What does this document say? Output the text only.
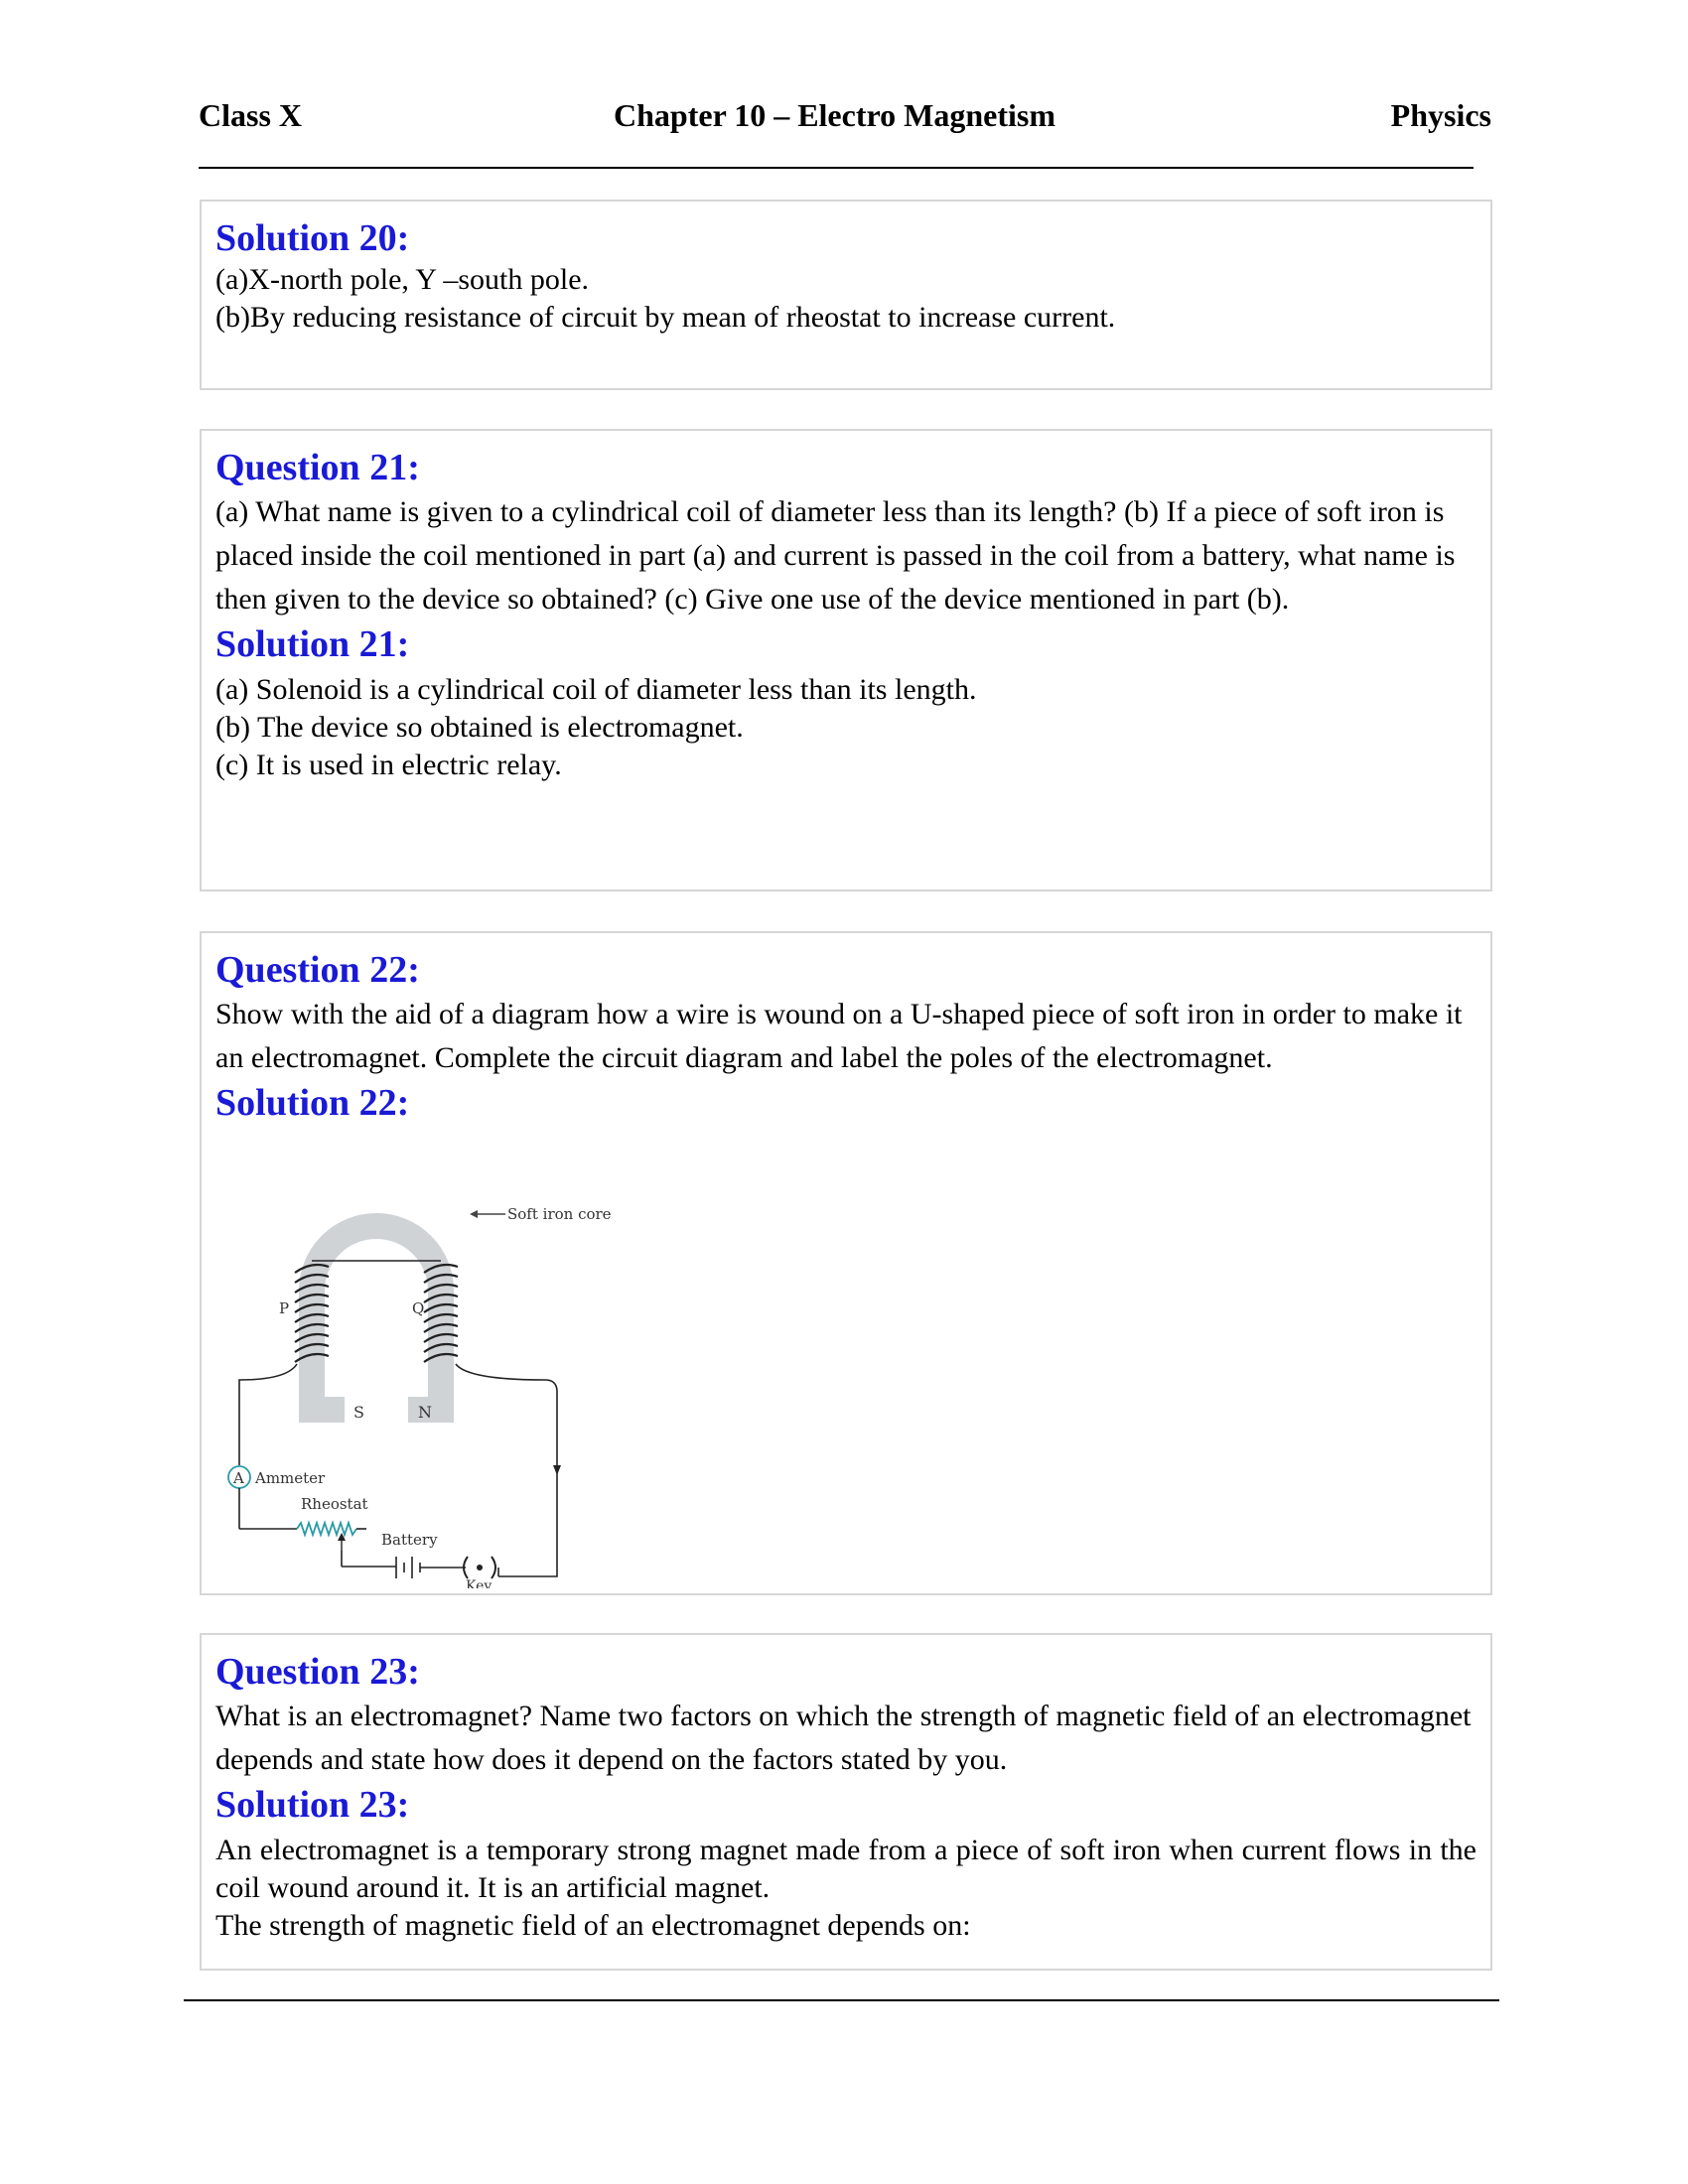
Class X	Chapter 10 – Electro Magnetism	Physics

Solution 20:

(a)X-north pole, Y –south pole.

(b)By reducing resistance of circuit by mean of rheostat to increase current.

Question 21:

(a) What name is given to a cylindrical coil of diameter less than its length? (b) If a piece of soft iron is placed inside the coil mentioned in part (a) and current is passed in the coil from a battery, what name is then given to the device so obtained? (c) Give one use of the device mentioned in part (b).

Solution 21:

(a) Solenoid is a cylindrical coil of diameter less than its length.

(b) The device so obtained is electromagnet.

(c) It is used in electric relay.

Question 22:

Show with the aid of a diagram how a wire is wound on a U-shaped piece of soft iron in order to make it an electromagnet. Complete the circuit diagram and label the poles of the electromagnet.

Solution 22:

Soft iron core
P	Q
S	N
A Ammeter
Rheostat
Battery
Key

Question 23:

What is an electromagnet? Name two factors on which the strength of magnetic field of an electromagnet depends and state how does it depend on the factors stated by you.

Solution 23:

An electromagnet is a temporary strong magnet made from a piece of soft iron when current flows in the coil wound around it. It is an artificial magnet.

The strength of magnetic field of an electromagnet depends on:
